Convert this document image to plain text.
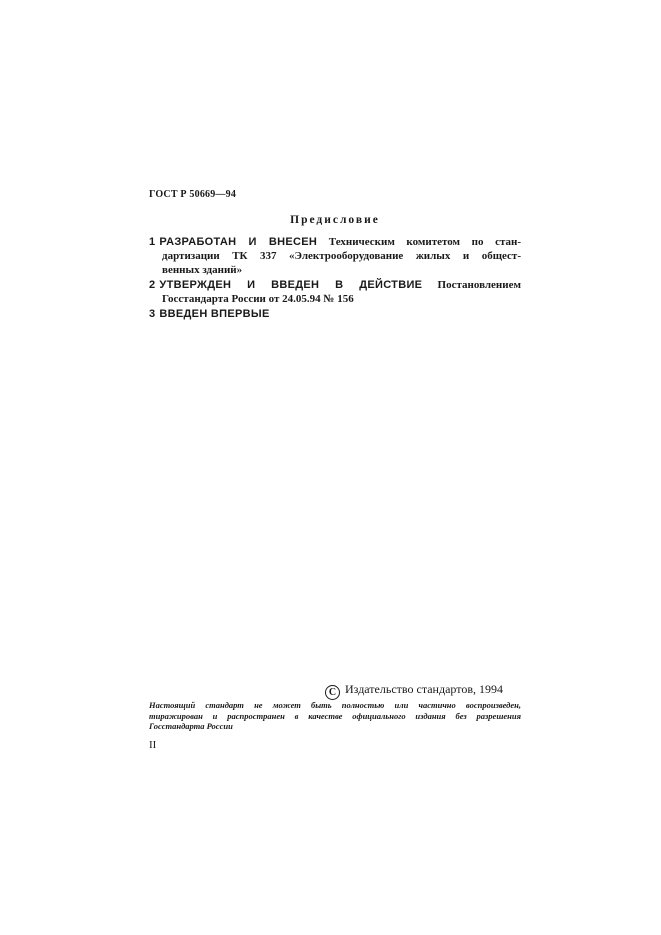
ГОСТ Р 50669—94
Предисловие
1 РАЗРАБОТАН И ВНЕСЕН Техническим комитетом по стан-
дартизации ТК 337 «Электрооборудование жилых и общест-
венных зданий»
2 УТВЕРЖДЕН И ВВЕДЕН В ДЕЙСТВИЕ Постановлением
Госстандарта России от 24.05.94 № 156
3 ВВЕДЕН ВПЕРВЫЕ
C Издательство стандартов, 1994
Настоящий стандарт не может быть полностью или частично воспроизведен,
тиражирован и распространен в качестве официального издания без разрешения
Госстандарта России
II
